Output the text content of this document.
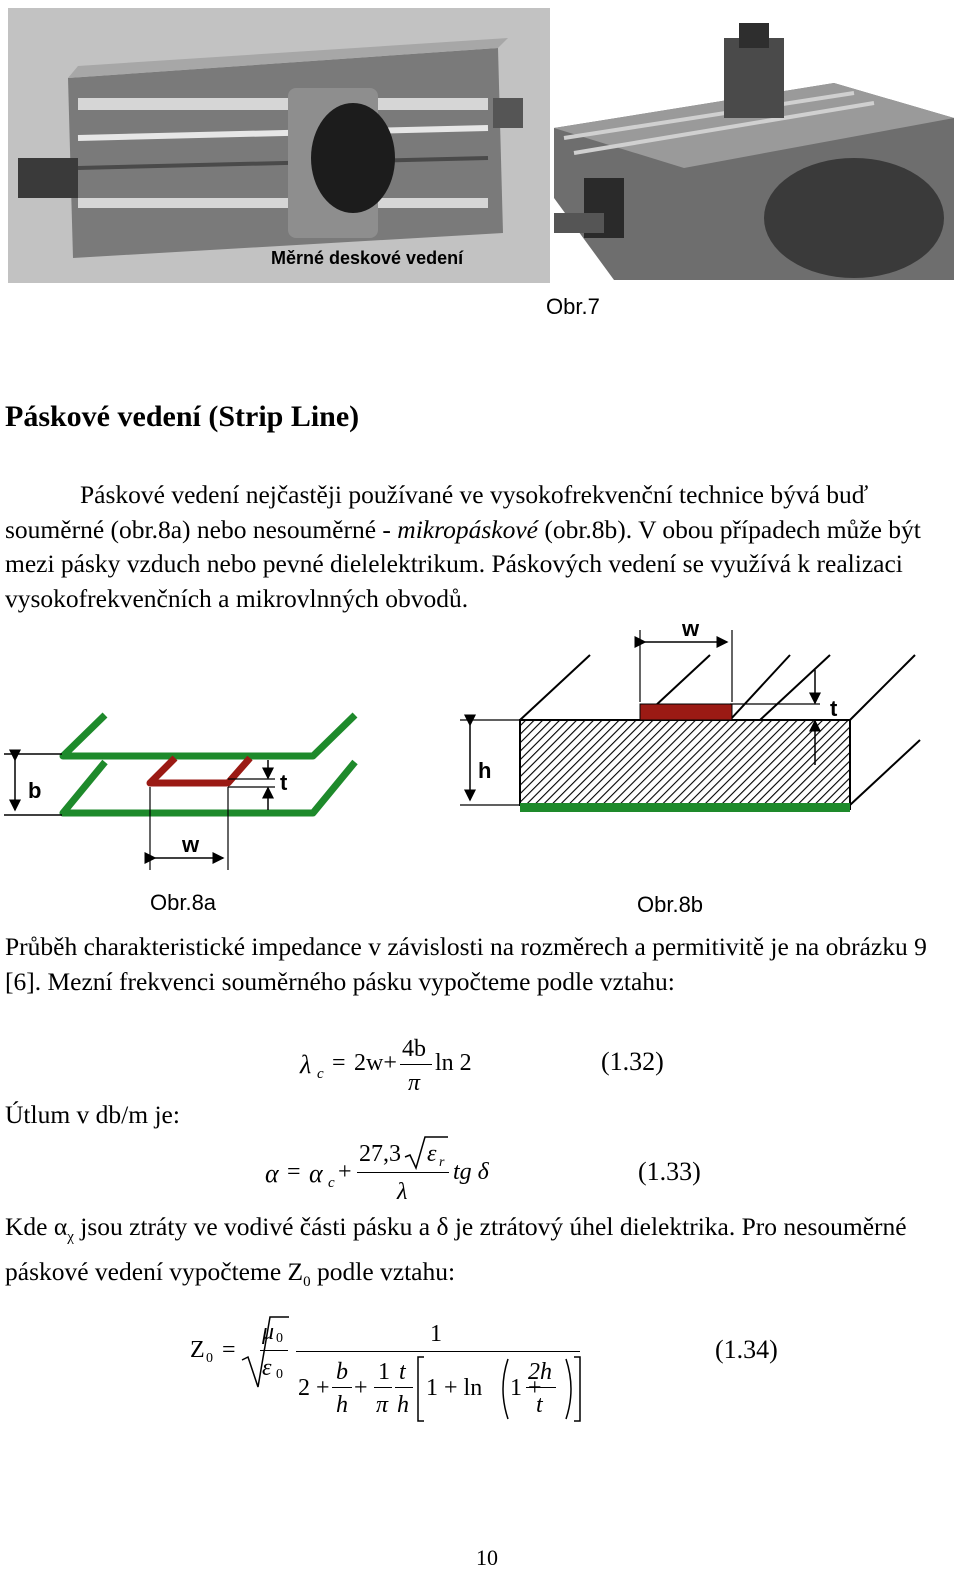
Měrné deskové vedení
Obr.7
Páskové vedení (Strip Line)

Páskové vedení nejčastěji používané ve vysokofrekvenční technice bývá buď souměrné (obr.8a) nebo nesouměrné - mikropáskové (obr.8b). V obou případech může být mezi pásky vzduch nebo pevné dielelektrikum. Páskových vedení se využívá k realizaci vysokofrekvenčních a mikrovlnných obvodů.

b	t
w
Obr.8a
w
t
h
Obr.8b

Průběh charakteristické impedance v závislosti na rozměrech a permitivitě je na obrázku 9 [6]. Mezní frekvenci souměrného pásku vypočteme podle vztahu:

λ c = 2w+
4b
π
ln 2	(1.32)
Útlum v db/m je:
α = α c +
27,3 ε r
λ
tg δ	(1.33)

Kde $\alpha_\chi$ jsou ztráty ve vodivé části pásku a δ je ztrátový úhel dielektrika. Pro nesouměrné páskové vedení vypočteme $Z_0$ podle vztahu:

Z 0 =
μ 0
ε 0
1
2 +
b
h
+
1
π
t
h
1 + ln 1 +
2h
t
(1.34)
10
